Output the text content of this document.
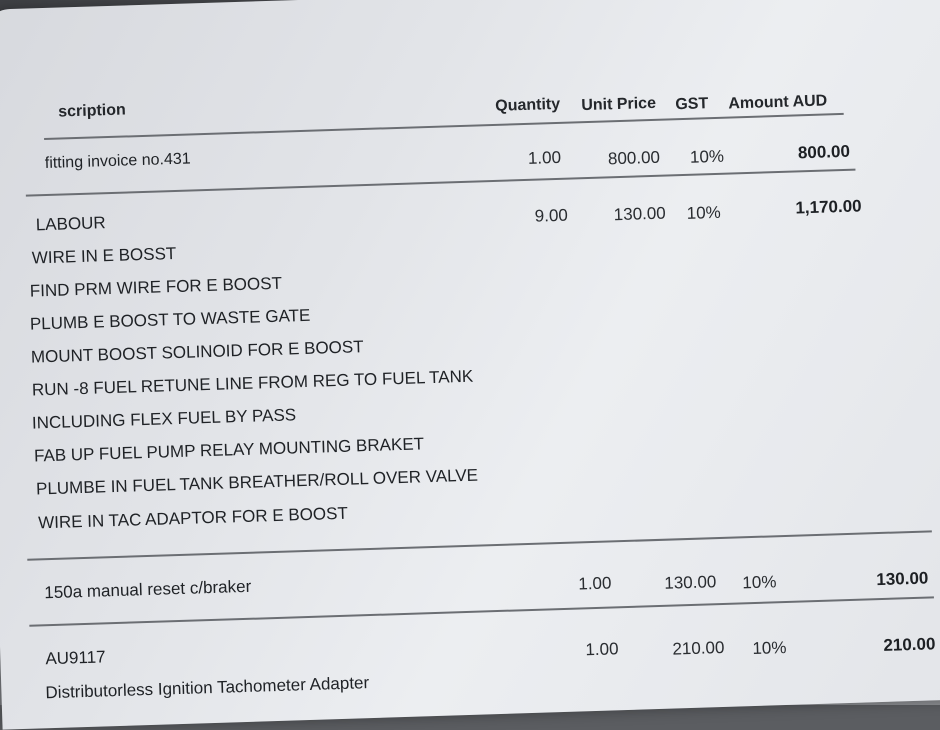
scription	Quantity Unit Price GST Amount AUD
fitting invoice no.431	1.00	800.00 10%	800.00
LABOUR	9.00	130.00 10%	1,170.00
WIRE IN E BOSST
FIND PRM WIRE FOR E BOOST
PLUMB E BOOST TO WASTE GATE
MOUNT BOOST SOLINOID FOR E BOOST
RUN -8 FUEL RETUNE LINE FROM REG TO FUEL TANK
INCLUDING FLEX FUEL BY PASS
FAB UP FUEL PUMP RELAY MOUNTING BRAKET
PLUMBE IN FUEL TANK BREATHER/ROLL OVER VALVE
WIRE IN TAC ADAPTOR FOR E BOOST
150a manual reset c/braker	1.00	130.00 10%	130.00
AU9117	1.00	210.00 10%	210.00
Distributorless Ignition Tachometer Adapter
